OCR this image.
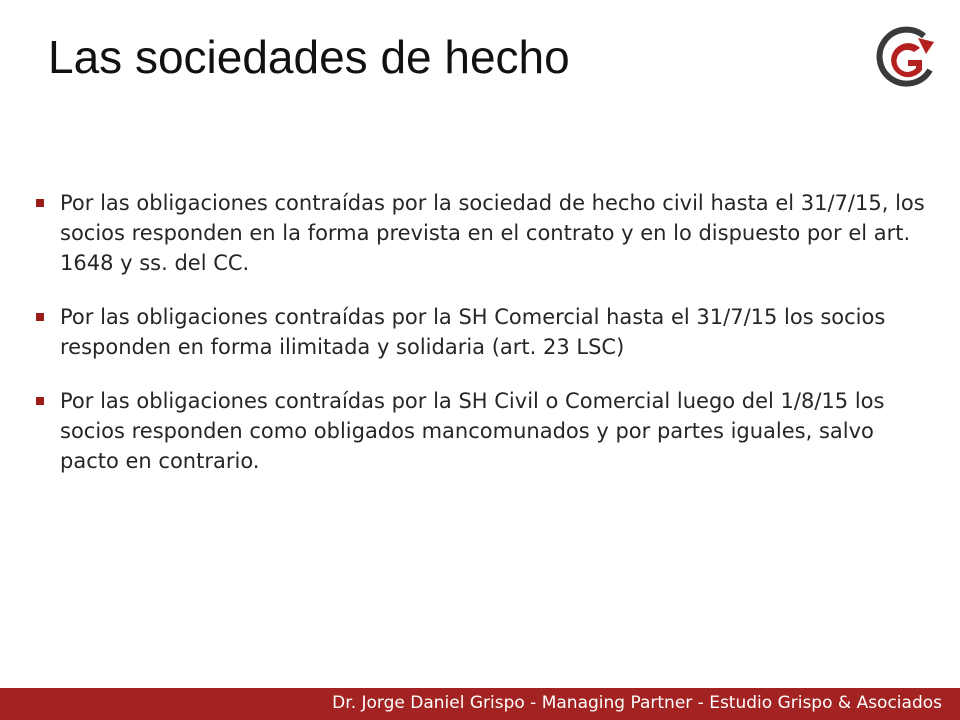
Las sociedades de hecho
Por las obligaciones contraídas por la sociedad de hecho civil hasta el 31/7/15, los socios responden en la forma prevista en el contrato y en lo dispuesto por el art. 1648 y ss. del CC.
Por las obligaciones contraídas por la SH Comercial hasta el 31/7/15 los socios responden en forma ilimitada y solidaria (art. 23 LSC)
Por las obligaciones contraídas por la SH Civil o Comercial luego del 1/8/15 los socios responden como obligados mancomunados y por partes iguales, salvo pacto en contrario.
Dr. Jorge Daniel Grispo - Managing Partner - Estudio Grispo & Asociados
